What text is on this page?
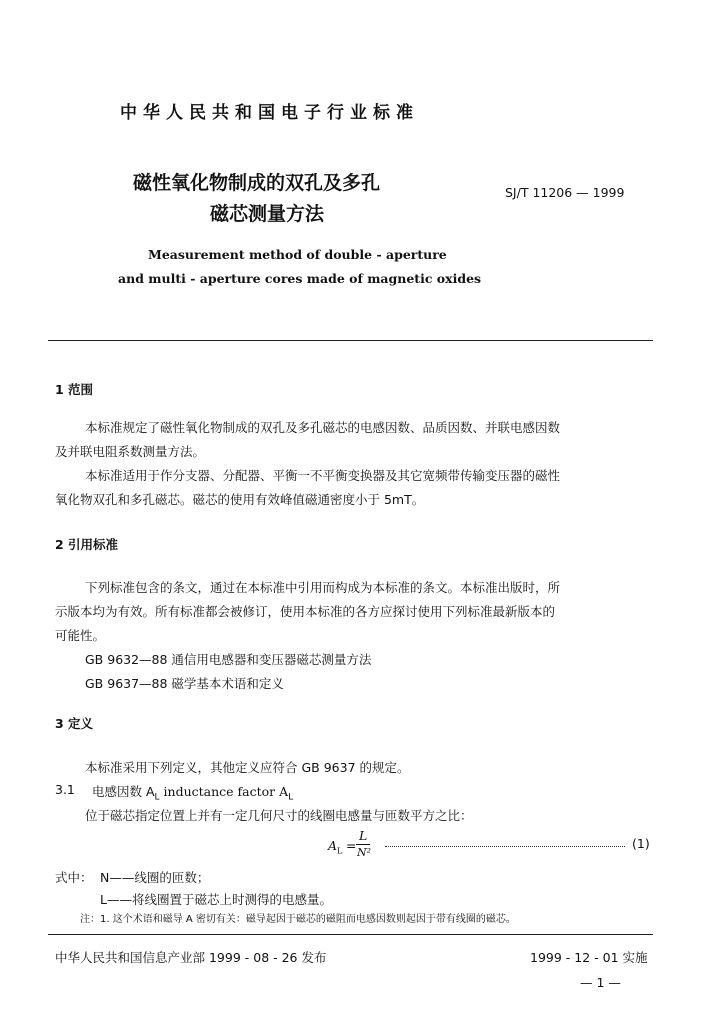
中华人民共和国电子行业标准
磁性氧化物制成的双孔及多孔
磁芯测量方法
SJ/T 11206 — 1999
Measurement method of double - aperture
and multi - aperture cores made of magnetic oxides
1 范围
本标准规定了磁性氧化物制成的双孔及多孔磁芯的电感因数、品质因数、并联电感因数
及并联电阻系数测量方法。
本标准适用于作分支器、分配器、平衡一不平衡变换器及其它宽频带传输变压器的磁性
氧化物双孔和多孔磁芯。磁芯的使用有效峰值磁通密度小于 5mT。
2 引用标准
下列标准包含的条文，通过在本标准中引用而构成为本标准的条文。本标准出版时，所
示版本均为有效。所有标准都会被修订，使用本标准的各方应探讨使用下列标准最新版本的
可能性。
GB 9632—88 通信用电感器和变压器磁芯测量方法
GB 9637—88 磁学基本术语和定义
3 定义
本标准采用下列定义，其他定义应符合 GB 9637 的规定。
3.1 电感因数 $A_L$ inductance factor $A_L$
位于磁芯指定位置上并有一定几何尺寸的线圈电感量与匝数平方之比：
$A_L$ =
L
N²
(1)
式中： N——线圈的匝数；
L——将线圈置于磁芯上时测得的电感量。
注：1. 这个术语和磁导 A 密切有关：磁导起因于磁芯的磁阻而电感因数则起因于带有线圈的磁芯。
中华人民共和国信息产业部 1999 - 08 - 26 发布	1999 - 12 - 01 实施
— 1 —
